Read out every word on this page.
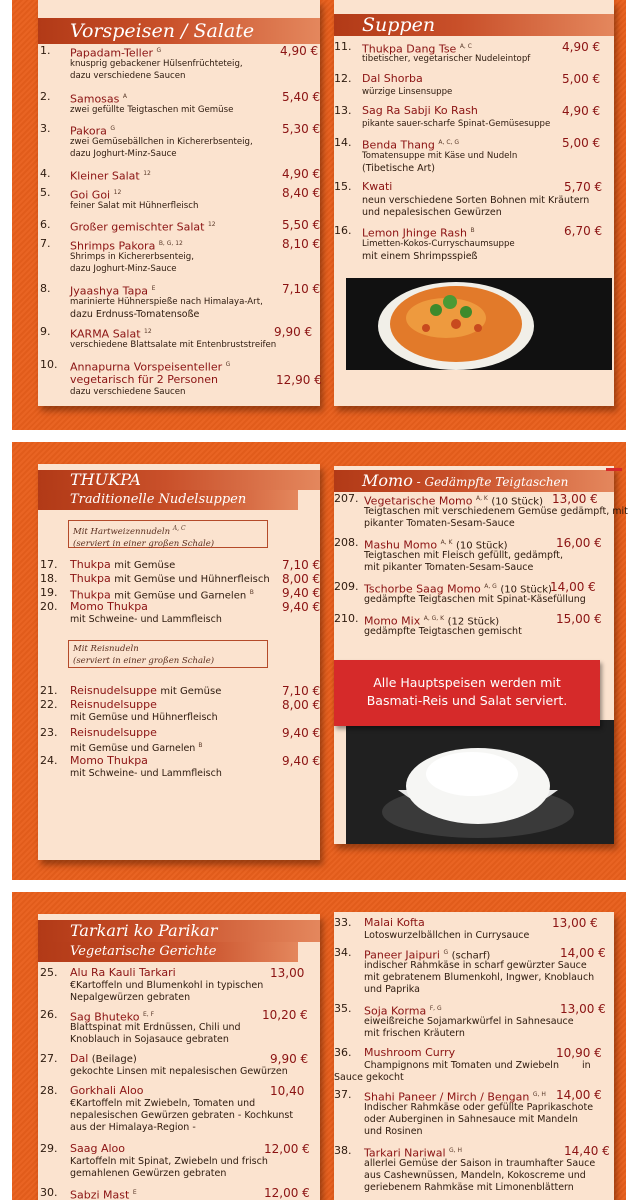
Vorspeisen / Salate
1. Papadam-Teller $^G$	4,90 €
knusprig gebackener Hülsenfrüchteteig,
dazu verschiedene Saucen
2. Samosas $^A$	5,40 €
zwei gefüllte Teigtaschen mit Gemüse
3. Pakora $^G$	5,30 €
zwei Gemüsebällchen in Kichererbsenteig,
dazu Joghurt-Minz-Sauce
4. Kleiner Salat $^{12}$	4,90 €
5. Goi Goi $^{12}$	8,40 €
feiner Salat mit Hühnerfleisch
6. Großer gemischter Salat $^{12}$	5,50 €
7. Shrimps Pakora $^{B, G, 12}$	8,10 €
Shrimps in Kichererbsenteig,
dazu Joghurt-Minz-Sauce
8. Jyaashya Tapa $^E$	7,10 €
marinierte Hühnerspieße nach Himalaya-Art,
dazu Erdnuss-Tomatensoße
9. KARMA Salat $^{12}$	9,90 €
verschiedene Blattsalate mit Entenbruststreifen
10. Annapurna Vorspeisenteller $^G$
vegetarisch für 2 Personen	12,90 €
dazu verschiedene Saucen
Suppen
11. Thukpa Dang Tse $^{A, C}$	4,90 €
tibetischer, vegetarischer Nudeleintopf
12. Dal Shorba	5,00 €
würzige Linsensuppe
13. Sag Ra Sabji Ko Rash	4,90 €
pikante sauer-scharfe Spinat-Gemüsesuppe
14. Benda Thang $^{A, C, G}$	5,00 €
Tomatensuppe mit Käse und Nudeln
(Tibetische Art)
15. Kwati	5,70 €
neun verschiedene Sorten Bohnen mit Kräutern
und nepalesischen Gewürzen
16. Lemon Jhinge Rash $^B$	6,70 €
Limetten-Kokos-Curryschaumsuppe
mit einem Shrimpsspieß
THUKPA
Traditionelle Nudelsuppen
Mit Hartweizennudeln $^{A, C}$
(serviert in einer großen Schale)
17. Thukpa mit Gemüse	7,10 €
18. Thukpa mit Gemüse und Hühnerfleisch 8,00 €
19. Thukpa mit Gemüse und Garnelen $^B$ 9,40 €
20. Momo Thukpa	9,40 €
mit Schweine- und Lammfleisch
Mit Reisnudeln
(serviert in einer großen Schale)
21. Reisnudelsuppe mit Gemüse	7,10 €
22. Reisnudelsuppe	8,00 €
mit Gemüse und Hühnerfleisch
23. Reisnudelsuppe	9,40 €
mit Gemüse und Garnelen $^B$
24. Momo Thukpa	9,40 €
mit Schweine- und Lammfleisch
Momo - Gedämpfte Teigtaschen
207. Vegetarische Momo $^{A, K}$ (10 Stück) 13,00 €
Teigtaschen mit verschiedenem Gemüse gedämpft, mit
pikanter Tomaten-Sesam-Sauce
208. Mashu Momo $^{A, K}$ (10 Stück)	16,00 €
Teigtaschen mit Fleisch gefüllt, gedämpft,
mit pikanter Tomaten-Sesam-Sauce
209. Tschorbe Saag Momo $^{A, G}$ (10 Stück)
14,00 €
gedämpfte Teigtaschen mit Spinat-Käsefüllung
210. Momo Mix $^{A, G, K}$ (12 Stück)	15,00 €
gedämpfte Teigtaschen gemischt
Alle Hauptspeisen werden mit
Basmati-Reis und Salat serviert.
Tarkari ko Parikar
Vegetarische Gerichte
25. Alu Ra Kauli Tarkari	13,00
€Kartoffeln und Blumenkohl in typischen
Nepalgewürzen gebraten
26. Sag Bhuteko $^{E, F}$	10,20 €
Blattspinat mit Erdnüssen, Chili und
Knoblauch in Sojasauce gebraten
27. Dal (Beilage)	9,90 €
gekochte Linsen mit nepalesischen Gewürzen
28. Gorkhali Aloo	10,40
€Kartoffeln mit Zwiebeln, Tomaten und
nepalesischen Gewürzen gebraten - Kochkunst
aus der Himalaya-Region -
29. Saag Aloo	12,00 €
Kartoffeln mit Spinat, Zwiebeln und frisch
gemahlenen Gewürzen gebraten
30. Sabzi Mast $^E$	12,00 €
33. Malai Kofta	13,00 €
Lotoswurzelbällchen in Currysauce
34. Paneer Jaipuri $^G$ (scharf)	14,00 €
indischer Rahmkäse in scharf gewürzter Sauce
mit gebratenem Blumenkohl, Ingwer, Knoblauch
und Paprika
35. Soja Korma $^{F, G}$	13,00 €
eiweißreiche Sojamarkwürfel in Sahnesauce
mit frischen Kräutern
36. Mushroom Curry	10,90 €
Champignons mit Tomaten und Zwiebeln in
Sauce gekocht
37. Shahi Paneer / Mirch / Bengan $^{G, H}$ 14,00 €
Indischer Rahmkäse oder gefüllte Paprikaschote
oder Auberginen in Sahnesauce mit Mandeln
und Rosinen
38. Tarkari Nariwal $^{G, H}$	14,40 €
allerlei Gemüse der Saison in traumhafter Sauce
aus Cashewnüssen, Mandeln, Kokoscreme und
geriebenem Rahmkäse mit Limonenblättern
